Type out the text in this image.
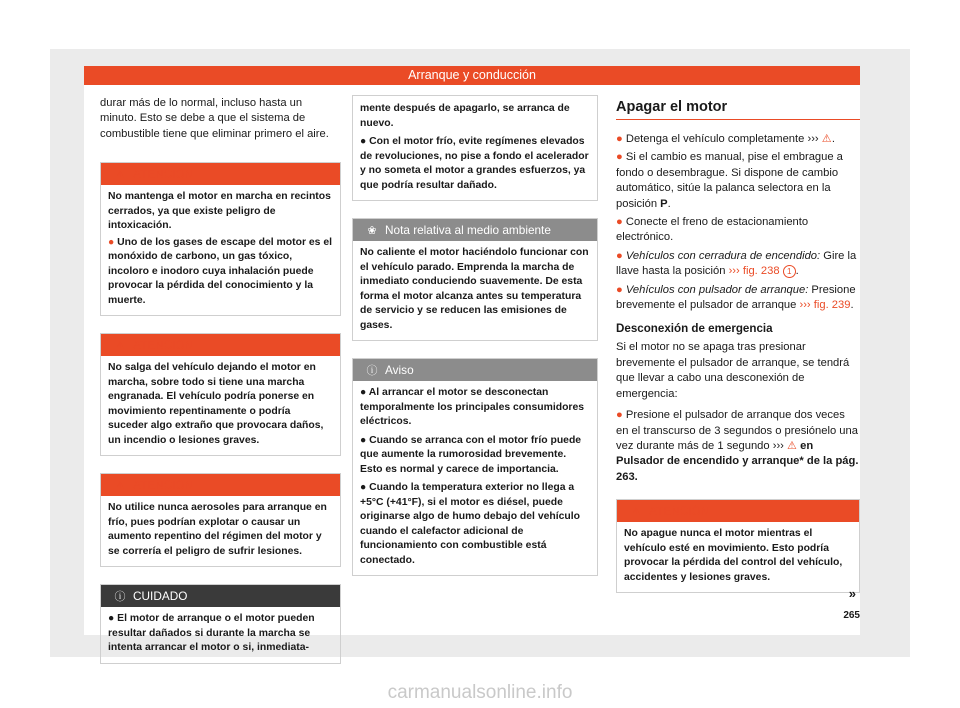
Arranque y conducción

durar más de lo normal, incluso hasta un minuto. Esto se debe a que el sistema de combustible tiene que eliminar primero el aire.

⚠ ATENCIÓN

No mantenga el motor en marcha en recintos cerrados, ya que existe peligro de intoxicación.

● Uno de los gases de escape del motor es el monóxido de carbono, un gas tóxico, incoloro e inodoro cuya inhalación puede provocar la pérdida del conocimiento y la muerte.

⚠ ATENCIÓN

No salga del vehículo dejando el motor en marcha, sobre todo si tiene una marcha engranada. El vehículo podría ponerse en movimiento repentinamente o podría suceder algo extraño que provocara daños, un incendio o lesiones graves.

⚠ ATENCIÓN

No utilice nunca aerosoles para arranque en frío, pues podrían explotar o causar un aumento repentino del régimen del motor y se correría el peligro de sufrir lesiones.

ⓘ CUIDADO

● El motor de arranque o el motor pueden resultar dañados si durante la marcha se intenta arrancar el motor o si, inmediata-

mente después de apagarlo, se arranca de nuevo.

● Con el motor frío, evite regímenes elevados de revoluciones, no pise a fondo el acelerador y no someta el motor a grandes esfuerzos, ya que podría resultar dañado.

❀ Nota relativa al medio ambiente

No caliente el motor haciéndolo funcionar con el vehículo parado. Emprenda la marcha de inmediato conduciendo suavemente. De esta forma el motor alcanza antes su temperatura de servicio y se reducen las emisiones de gases.

ⓘ Aviso

● Al arrancar el motor se desconectan temporalmente los principales consumidores eléctricos.

● Cuando se arranca con el motor frío puede que aumente la rumorosidad brevemente. Esto es normal y carece de importancia.

● Cuando la temperatura exterior no llega a +5°C (+41°F), si el motor es diésel, puede originarse algo de humo debajo del vehículo cuando el calefactor adicional de funcionamiento con combustible está conectado.

Apagar el motor

● Detenga el vehículo completamente ››› ⚠.

● Si el cambio es manual, pise el embrague a fondo o desembrague. Si dispone de cambio automático, sitúe la palanca selectora en la posición P.

● Conecte el freno de estacionamiento electrónico.

● Vehículos con cerradura de encendido: Gire la llave hasta la posición ››› fig. 238 1 .

● Vehículos con pulsador de arranque: Presione brevemente el pulsador de arranque ››› fig. 239.

Desconexión de emergencia

Si el motor no se apaga tras presionar brevemente el pulsador de arranque, se tendrá que llevar a cabo una desconexión de emergencia:

● Presione el pulsador de arranque dos veces en el transcurso de 3 segundos o presiónelo una vez durante más de 1 segundo ››› ⚠ en Pulsador de encendido y arranque* de la pág. 263.

⚠ ATENCIÓN

No apague nunca el motor mientras el vehículo esté en movimiento. Esto podría provocar la pérdida del control del vehículo, accidentes y lesiones graves.

»
265
carmanualsonline.info
